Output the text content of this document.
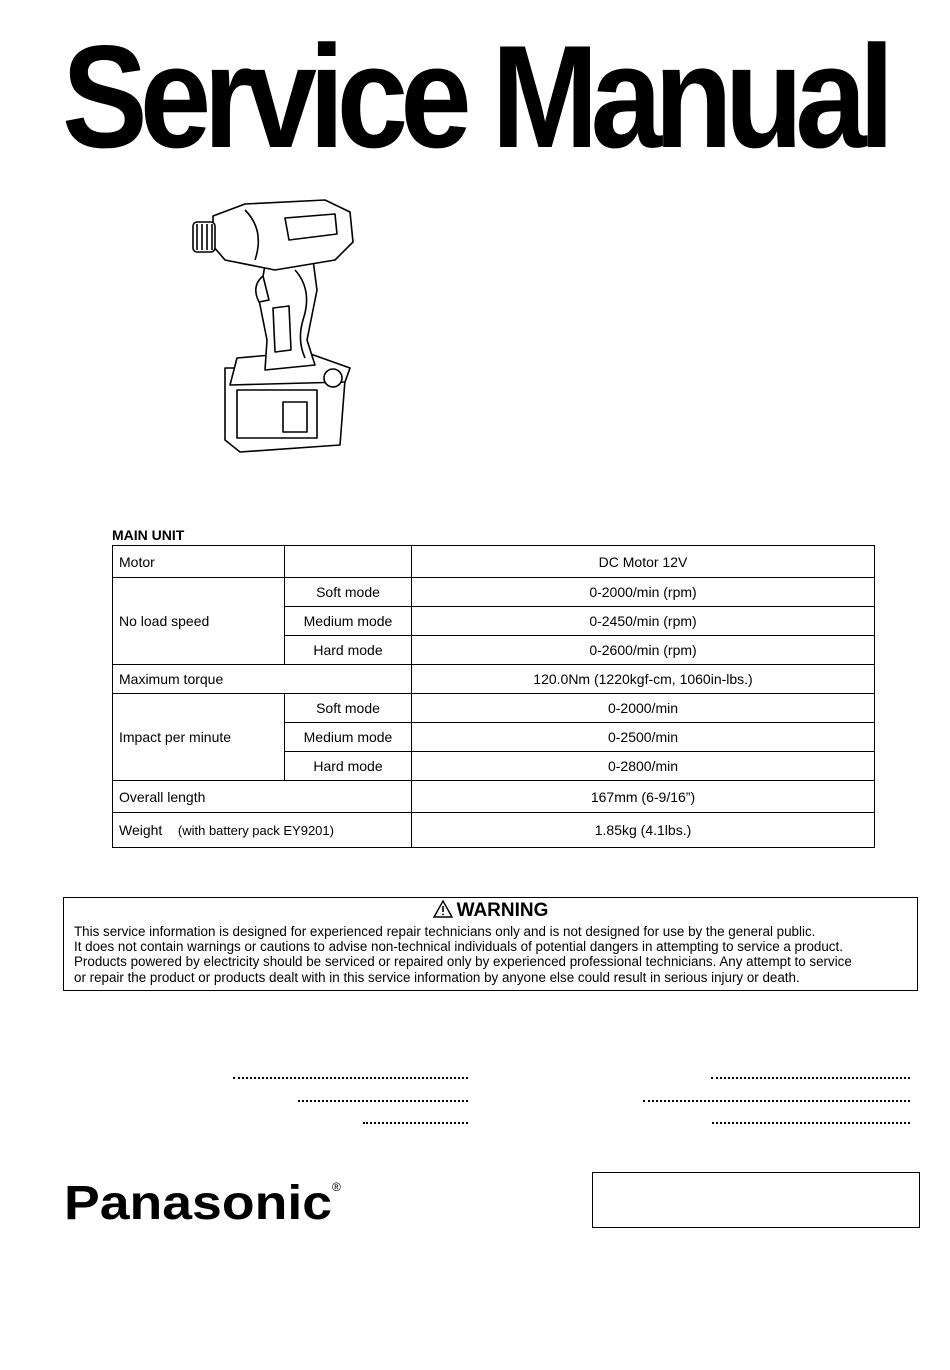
Service Manual
MAIN UNIT
Motor		DC Motor 12V
No load speed	Soft mode	0-2000/min (rpm)
	Medium mode	0-2450/min (rpm)
	Hard mode	0-2600/min (rpm)
Maximum torque		120.0Nm (1220kgf-cm, 1060in-lbs.)
Impact per minute	Soft mode	0-2000/min
	Medium mode	0-2500/min
	Hard mode	0-2800/min
Overall length		167mm (6-9/16”)
Weight (with battery pack EY9201)		1.85kg (4.1lbs.)
WARNING
This service information is designed for experienced repair technicians only and is not designed for use by the general public.
It does not contain warnings or cautions to advise non-technical individuals of potential dangers in attempting to service a product.
Products powered by electricity should be serviced or repaired only by experienced professional technicians. Any attempt to service
or repair the product or products dealt with in this service information by anyone else could result in serious injury or death.
Panasonic ®
